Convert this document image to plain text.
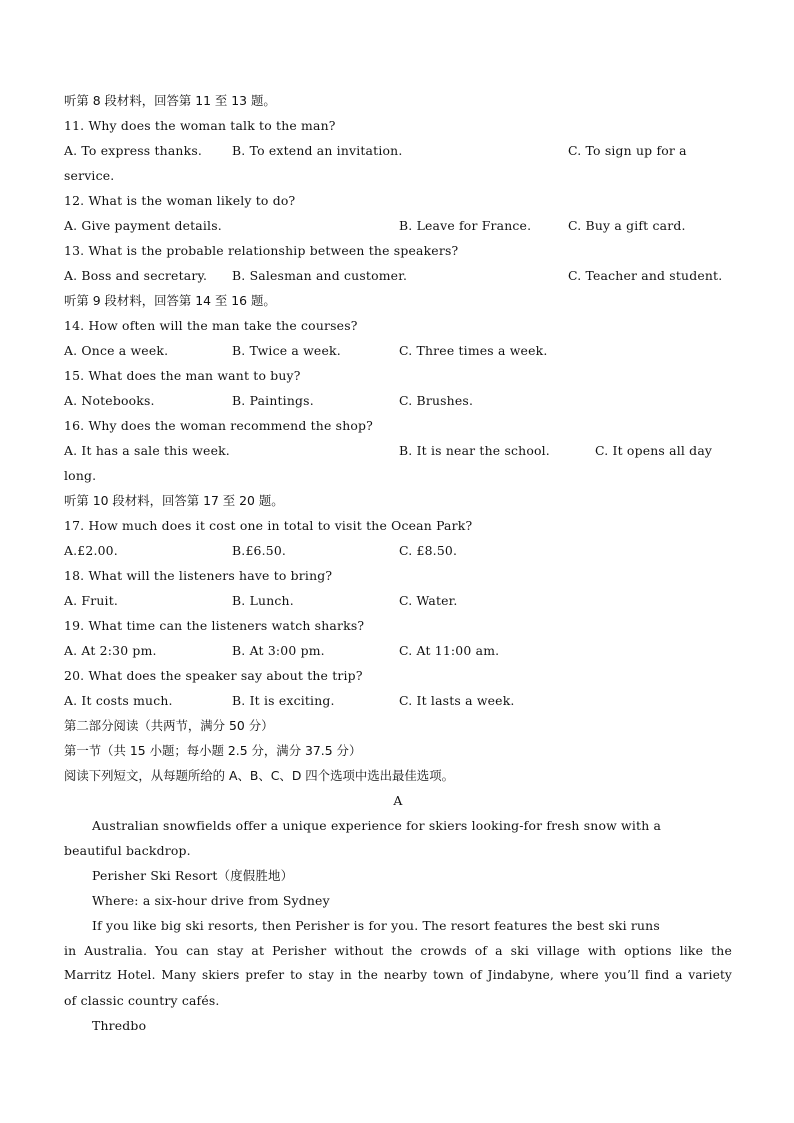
听第 8 段材料，回答第 11 至 13 题。
11. Why does the woman talk to the man?

A. To express thanks.

B. To extend an invitation.

	C. To sign up for a

service.
12. What is the woman likely to do?

A. Give payment details.

	B. Leave for France.

	C. Buy a gift card.

13. What is the probable relationship between the speakers?

A. Boss and secretary.

B. Salesman and customer.

	C. Teacher and student.

听第 9 段材料，回答第 14 至 16 题。
14. How often will the man take the courses?

A. Once a week.

	B. Twice a week.

	C. Three times a week.

15. What does the man want to buy?

A. Notebooks.

	B. Paintings.

	C. Brushes.

16. Why does the woman recommend the shop?

A. It has a sale this week.

	B. It is near the school.

	C. It opens all day

long.
听第 10 段材料，回答第 17 至 20 题。
17. How much does it cost one in total to visit the Ocean Park?

A.£2.00.

	B.£6.50.

	C. £8.50.

18. What will the listeners have to bring?

A. Fruit.

	B. Lunch.

	C. Water.

19. What time can the listeners watch sharks?

A. At 2:30 pm.

	B. At 3:00 pm.

	C. At 11:00 am.

20. What does the speaker say about the trip?

A. It costs much.

	B. It is exciting.

	C. It lasts a week.

第二部分阅读（共两节，满分 50 分）
第一节（共 15 小题；每小题 2.5 分，满分 37.5 分）
阅读下列短文，从每题所给的 A、B、C、D 四个选项中选出最佳选项。
A
Australian snowfields offer a unique experience for skiers looking-for fresh snow with a
beautiful backdrop.
Perisher Ski Resort（度假胜地）
Where: a six-hour drive from Sydney
If you like big ski resorts, then Perisher is for you. The resort features the best ski runs
in Australia. You can stay at Perisher without the crowds of a ski village with options like the
Marritz Hotel. Many skiers prefer to stay in the nearby town of Jindabyne, where you’ll find a variety
of classic country cafés.
Thredbo
